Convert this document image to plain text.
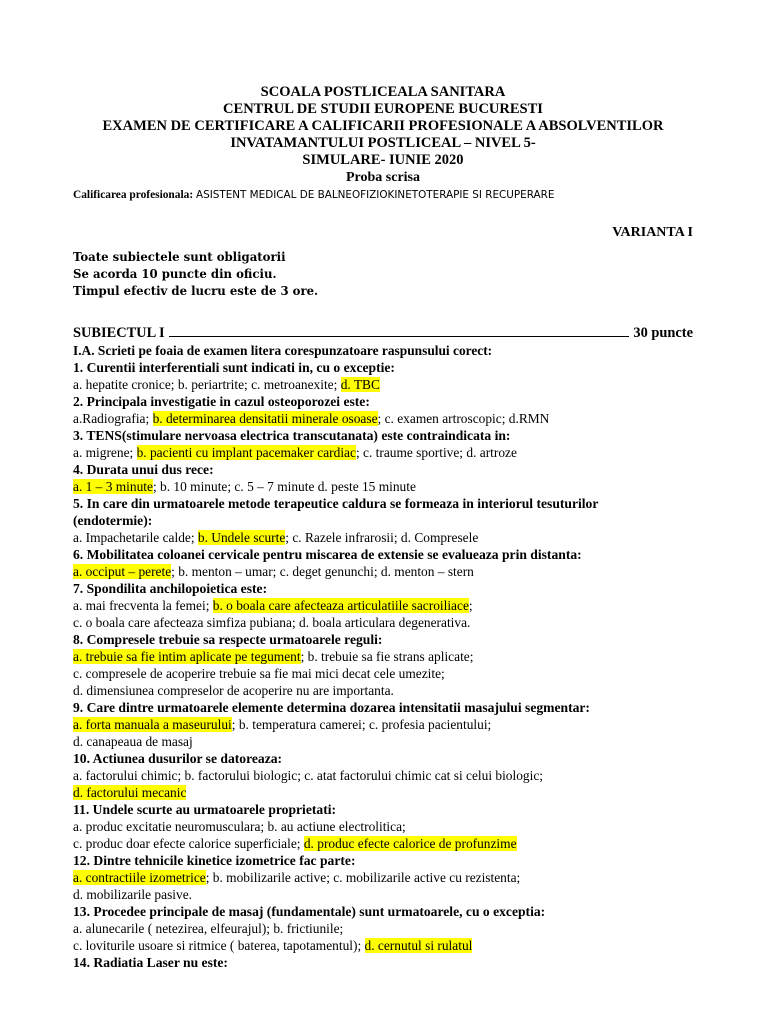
SCOALA POSTLICEALA SANITARA
CENTRUL DE STUDII EUROPENE BUCURESTI
EXAMEN DE CERTIFICARE A CALIFICARII PROFESIONALE A ABSOLVENTILOR
INVATAMANTULUI POSTLICEAL – NIVEL 5-
SIMULARE- IUNIE 2020
Proba scrisa
Calificarea profesionala: ASISTENT MEDICAL DE BALNEOFIZIOKINETOTERAPIE SI RECUPERARE
VARIANTA I
Toate subiectele sunt obligatorii
Se acorda 10 puncte din oficiu.
Timpul efectiv de lucru este de 3 ore.
SUBIECTUL I	30 puncte
I.A. Scrieti pe foaia de examen litera corespunzatoare raspunsului corect:
1. Curentii interferentiali sunt indicati in, cu o exceptie:
a. hepatite cronice; b. periartrite; c. metroanexite; d. TBC
2. Principala investigatie in cazul osteoporozei este:
a.Radiografia; b. determinarea densitatii minerale osoase; c. examen artroscopic; d.RMN
3. TENS(stimulare nervoasa electrica transcutanata) este contraindicata in:
a. migrene; b. pacienti cu implant pacemaker cardiac; c. traume sportive; d. artroze
4. Durata unui dus rece:
a. 1 – 3 minute; b. 10 minute; c. 5 – 7 minute d. peste 15 minute
5. In care din urmatoarele metode terapeutice caldura se formeaza in interiorul tesuturilor
(endotermie):
a. Impachetarile calde; b. Undele scurte; c. Razele infrarosii; d. Compresele
6. Mobilitatea coloanei cervicale pentru miscarea de extensie se evalueaza prin distanta:
a. occiput – perete; b. menton – umar; c. deget genunchi; d. menton – stern
7. Spondilita anchilopoietica este:
a. mai frecventa la femei; b. o boala care afecteaza articulatiile sacroiliace;
c. o boala care afecteaza simfiza pubiana; d. boala articulara degenerativa.
8. Compresele trebuie sa respecte urmatoarele reguli:
a. trebuie sa fie intim aplicate pe tegument; b. trebuie sa fie strans aplicate;
c. compresele de acoperire trebuie sa fie mai mici decat cele umezite;
d. dimensiunea compreselor de acoperire nu are importanta.
9. Care dintre urmatoarele elemente determina dozarea intensitatii masajului segmentar:
a. forta manuala a maseurului; b. temperatura camerei; c. profesia pacientului;
d. canapeaua de masaj
10. Actiunea dusurilor se datoreaza:
a. factorului chimic; b. factorului biologic; c. atat factorului chimic cat si celui biologic;
d. factorului mecanic
11. Undele scurte au urmatoarele proprietati:
a. produc excitatie neuromusculara; b. au actiune electrolitica;
c. produc doar efecte calorice superficiale; d. produc efecte calorice de profunzime
12. Dintre tehnicile kinetice izometrice fac parte:
a. contractiile izometrice; b. mobilizarile active; c. mobilizarile active cu rezistenta;
d. mobilizarile pasive.
13. Procedee principale de masaj (fundamentale) sunt urmatoarele, cu o exceptia:
a. alunecarile ( netezirea, elfeurajul); b. frictiunile;
c. loviturile usoare si ritmice ( baterea, tapotamentul); d. cernutul si rulatul
14. Radiatia Laser nu este:
